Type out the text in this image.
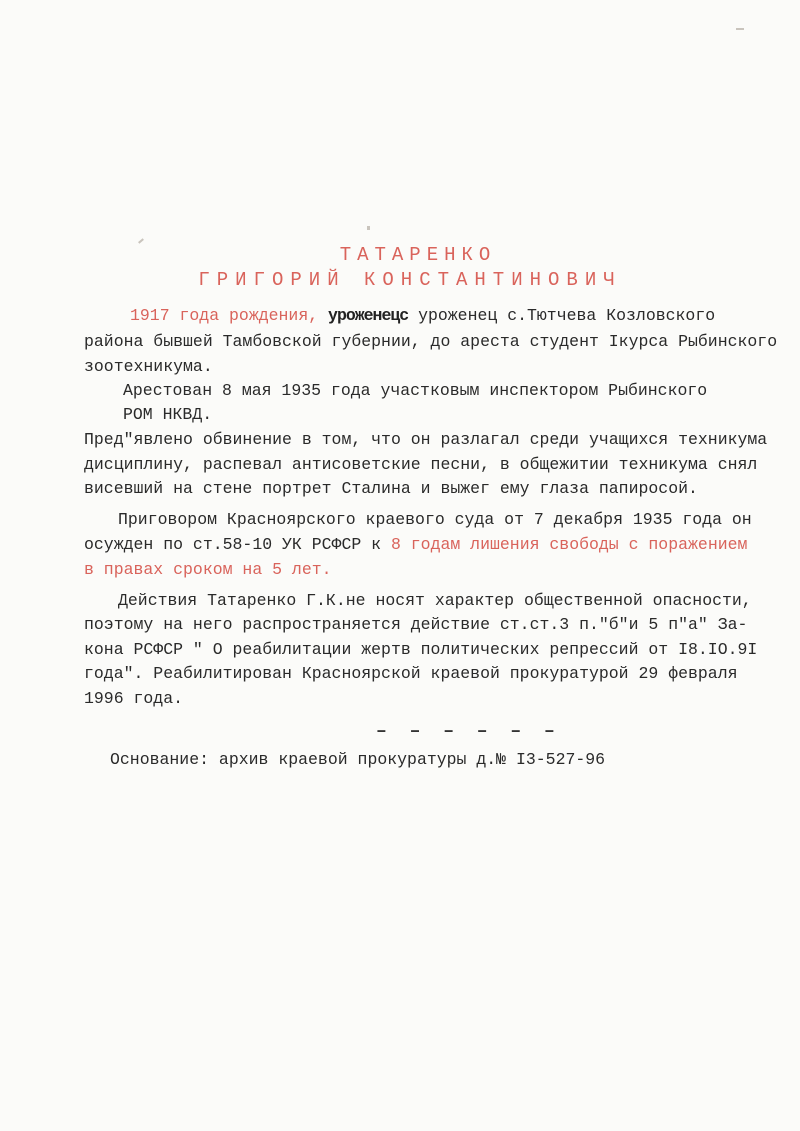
ТАТАРЕНКО
ГРИГОРИЙ КОНСТАНТИНОВИЧ
1917 года рождения, уроженецс уроженец с.Тютчева Козловского
района бывшей Тамбовской губернии, до ареста студент Iкурса Рыбинского
зоотехникума.
Арестован 8 мая 1935 года участковым инспектором Рыбинского
РОМ НКВД.
Пред"явлено обвинение в том, что он разлагал среди учащихся техникума
дисциплину, распевал антисоветские песни, в общежитии техникума снял
висевший на стене портрет Сталина и выжег ему глаза папиросой.
Приговором Красноярского краевого суда от 7 декабря 1935 года он
осужден по ст.58-10 УК РСФСР к 8 годам лишения свободы с поражением
в правах сроком на 5 лет.
Действия Татаренко Г.К.не носят характер общественной опасности,
поэтому на него распространяется действие ст.ст.3 п."б"и 5 п"а" За-
кона РСФСР " О реабилитации жертв политических репрессий от I8.IO.9I
года". Реабилитирован Красноярской краевой прокуратурой 29 февраля
1996 года.
– – – – – –
Основание: архив краевой прокуратуры д.№ I3-527-96
